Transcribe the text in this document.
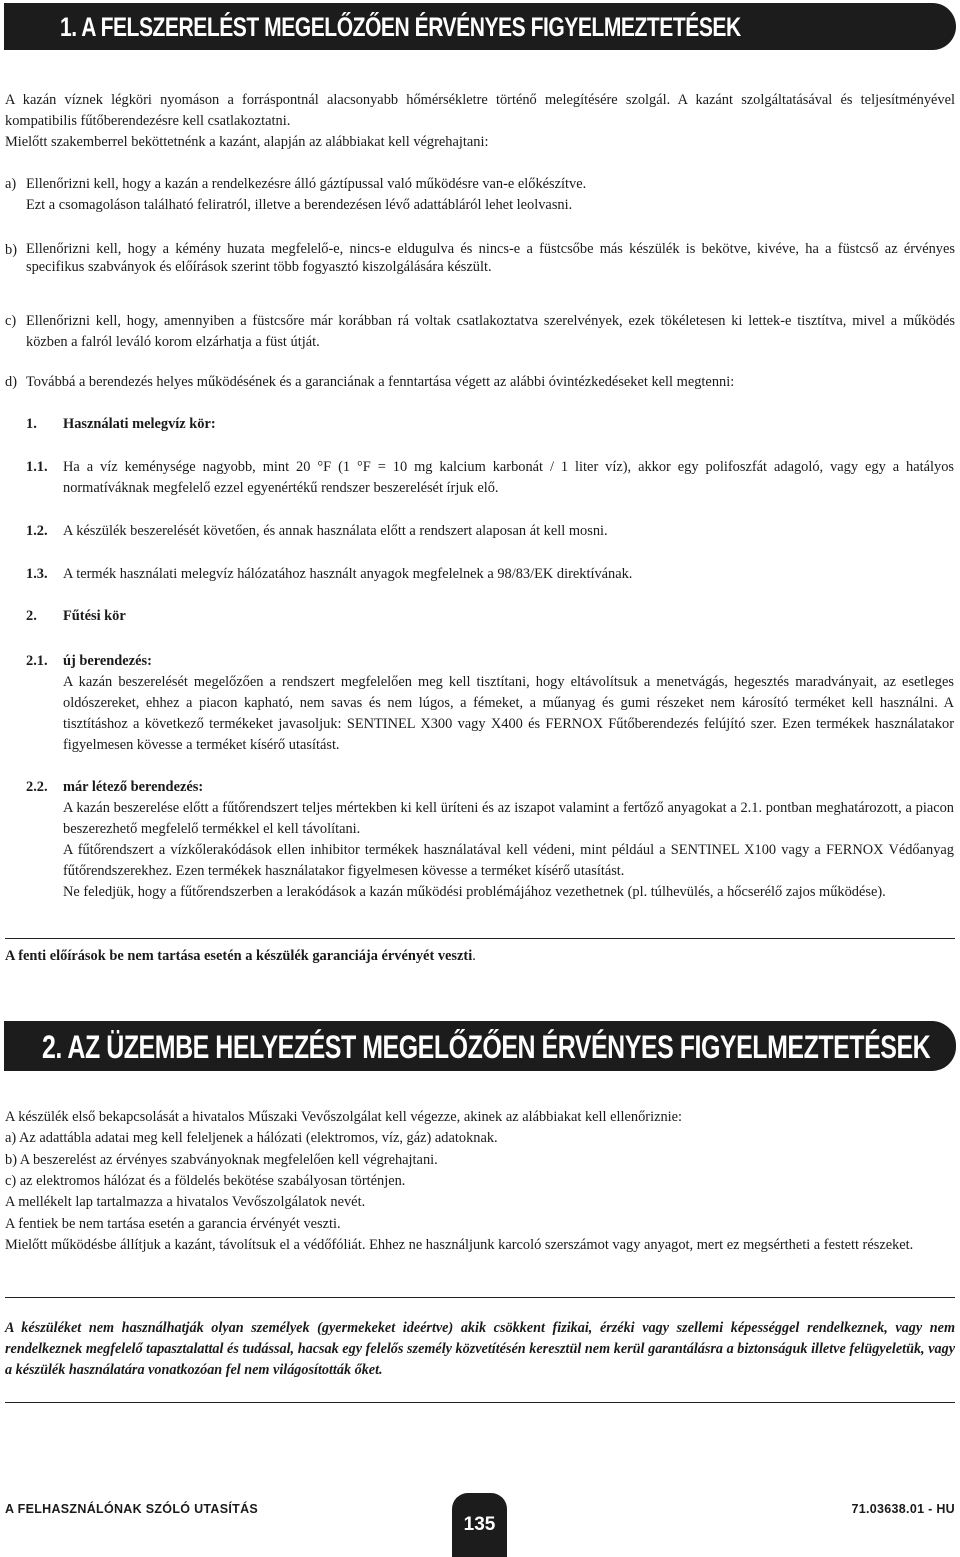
1. A FELSZERELÉST MEGELŐZŐEN ÉRVÉNYES FIGYELMEZTETÉSEK

A kazán víznek légköri nyomáson a forráspontnál alacsonyabb hőmérsékletre történő melegítésére szolgál. A kazánt szolgáltatásával és teljesítményével kompatibilis fűtőberendezésre kell csatlakoztatni.

Mielőtt szakemberrel beköttetnénk a kazánt, alapján az alábbiakat kell végrehajtani:

a) Ellenőrizni kell, hogy a kazán a rendelkezésre álló gáztípussal való működésre van-e előkészítve.

Ezt a csomagoláson található feliratról, illetve a berendezésen lévő adattábláról lehet leolvasni.

b) Ellenőrizni kell, hogy a kémény huzata megfelelő-e, nincs-e eldugulva és nincs-e a füstcsőbe más készülék is bekötve, kivéve, ha a füstcső az érvényes specifikus szabványok és előírások szerint több fogyasztó kiszolgálására készült.

c) Ellenőrizni kell, hogy, amennyiben a füstcsőre már korábban rá voltak csatlakoztatva szerelvények, ezek tökéletesen ki lettek-e tisztítva, mivel a működés közben a falról leváló korom elzárhatja a füst útját.

d) Továbbá a berendezés helyes működésének és a garanciának a fenntartása végett az alábbi óvintézkedéseket kell megtenni:

1. Használati melegvíz kör:
1.1. Ha a víz keménysége nagyobb, mint 20 °F (1 °F = 10 mg kalcium karbonát / 1 liter víz), akkor egy polifoszfát adagoló, vagy egy a hatályos normatíváknak megfelelő ezzel egyenértékű rendszer beszerelését írjuk elő.

1.2. A készülék beszerelését követően, és annak használata előtt a rendszert alaposan át kell mosni.

1.3. A termék használati melegvíz hálózatához használt anyagok megfelelnek a 98/83/EK direktívának.

2. Fűtési kör
2.1. új berendezés:

A kazán beszerelését megelőzően a rendszert megfelelően meg kell tisztítani, hogy eltávolítsuk a menetvágás, hegesztés maradványait, az esetleges oldószereket, ehhez a piacon kapható, nem savas és nem lúgos, a fémeket, a műanyag és gumi részeket nem károsító terméket kell használni. A tisztításhoz a következő termékeket javasoljuk: SENTINEL X300 vagy X400 és FERNOX Fűtőberendezés felújító szer. Ezen termékek használatakor figyelmesen kövesse a terméket kísérő utasítást.

2.2. már létező berendezés:

A kazán beszerelése előtt a fűtőrendszert teljes mértekben ki kell üríteni és az iszapot valamint a fertőző anyagokat a 2.1. pontban meghatározott, a piacon beszerezhető megfelelő termékkel el kell távolítani.

A fűtőrendszert a vízkőlerakódások ellen inhibitor termékek használatával kell védeni, mint például a SENTINEL X100 vagy a FERNOX Védőanyag fűtőrendszerekhez. Ezen termékek használatakor figyelmesen kövesse a terméket kísérő utasítást.

Ne feledjük, hogy a fűtőrendszerben a lerakódások a kazán működési problémájához vezethetnek (pl. túlhevülés, a hőcserélő zajos működése).

A fenti előírások be nem tartása esetén a készülék garanciája érvényét veszti.

2. AZ ÜZEMBE HELYEZÉST MEGELŐZŐEN ÉRVÉNYES FIGYELMEZTETÉSEK

A készülék első bekapcsolását a hivatalos Műszaki Vevőszolgálat kell végezze, akinek az alábbiakat kell ellenőriznie:

a) Az adattábla adatai meg kell feleljenek a hálózati (elektromos, víz, gáz) adatoknak.

b) A beszerelést az érvényes szabványoknak megfelelően kell végrehajtani.

c) az elektromos hálózat és a földelés bekötése szabályosan történjen.

A mellékelt lap tartalmazza a hivatalos Vevőszolgálatok nevét.

A fentiek be nem tartása esetén a garancia érvényét veszti.

Mielőtt működésbe állítjuk a kazánt, távolítsuk el a védőfóliát. Ehhez ne használjunk karcoló szerszámot vagy anyagot, mert ez megsértheti a festett részeket.

A készüléket nem használhatják olyan személyek (gyermekeket ideértve) akik csökkent fizikai, érzéki vagy szellemi képességgel rendelkeznek, vagy nem rendelkeznek megfelelő tapasztalattal és tudással, hacsak egy felelős személy közvetítésén keresztül nem kerül garantálásra a biztonságuk illetve felügyeletük, vagy a készülék használatára vonatkozóan fel nem világosították őket.

A FELHASZNÁLÓNAK SZÓLÓ UTASÍTÁS
135
71.03638.01 - HU
